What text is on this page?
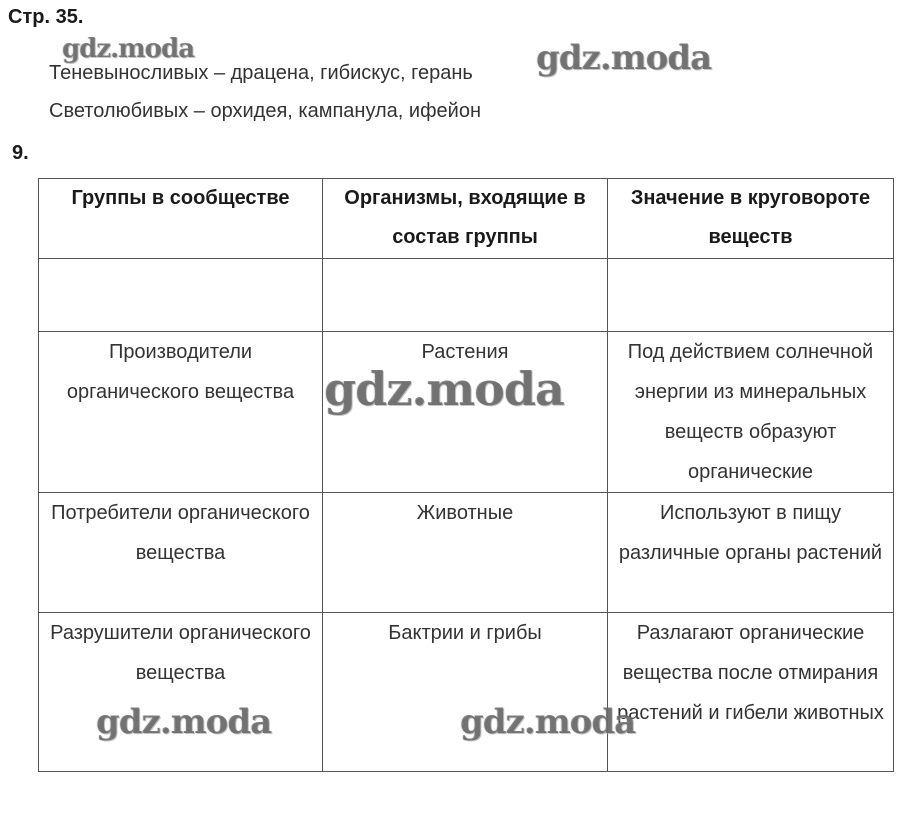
Стр. 35.
Теневыносливых – драцена, гибискус, герань
Светолюбивых – орхидея, кампанула, ифейон
9.
Группы в сообществе	Организмы, входящие в состав группы	Значение в круговороте веществ

Производители органического вещества	Растения	Под действием солнечной энергии из минеральных веществ образуют органические
Потребители органического вещества	Животные	Используют в пищу различные органы растений
Разрушители органического вещества	Бактрии и грибы	Разлагают органические вещества после отмирания растений и гибели животных
gdz.moda	gdz.moda
gdz.moda
gdz.moda	gdz.moda
